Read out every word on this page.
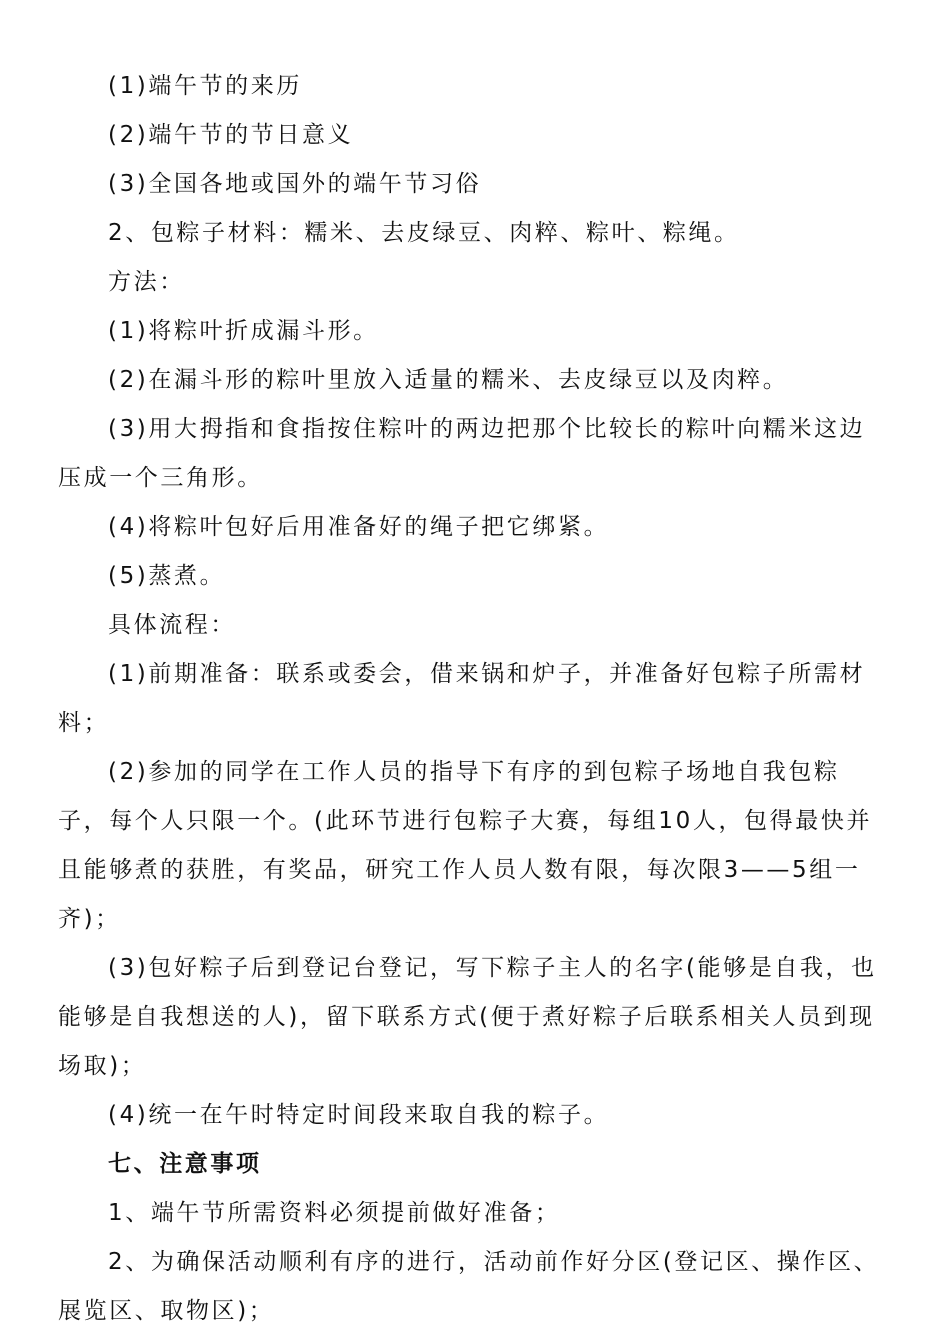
(1)端午节的来历

(2)端午节的节日意义

(3)全国各地或国外的端午节习俗

2、包粽子材料：糯米、去皮绿豆、肉粹、粽叶、粽绳。

方法：

(1)将粽叶折成漏斗形。

(2)在漏斗形的粽叶里放入适量的糯米、去皮绿豆以及肉粹。

(3)用大拇指和食指按住粽叶的两边把那个比较长的粽叶向糯米这边压成一个三角形。

(4)将粽叶包好后用准备好的绳子把它绑紧。

(5)蒸煮。

具体流程：

(1)前期准备：联系或委会，借来锅和炉子，并准备好包粽子所需材料；

(2)参加的同学在工作人员的指导下有序的到包粽子场地自我包粽子，每个人只限一个。(此环节进行包粽子大赛，每组10人，包得最快并且能够煮的获胜，有奖品，研究工作人员人数有限，每次限3——5组一齐)；

(3)包好粽子后到登记台登记，写下粽子主人的名字(能够是自我，也能够是自我想送的人)，留下联系方式(便于煮好粽子后联系相关人员到现场取)；

(4)统一在午时特定时间段来取自我的粽子。

七、注意事项

1、端午节所需资料必须提前做好准备；

2、为确保活动顺利有序的进行，活动前作好分区(登记区、操作区、展览区、取物区)；
